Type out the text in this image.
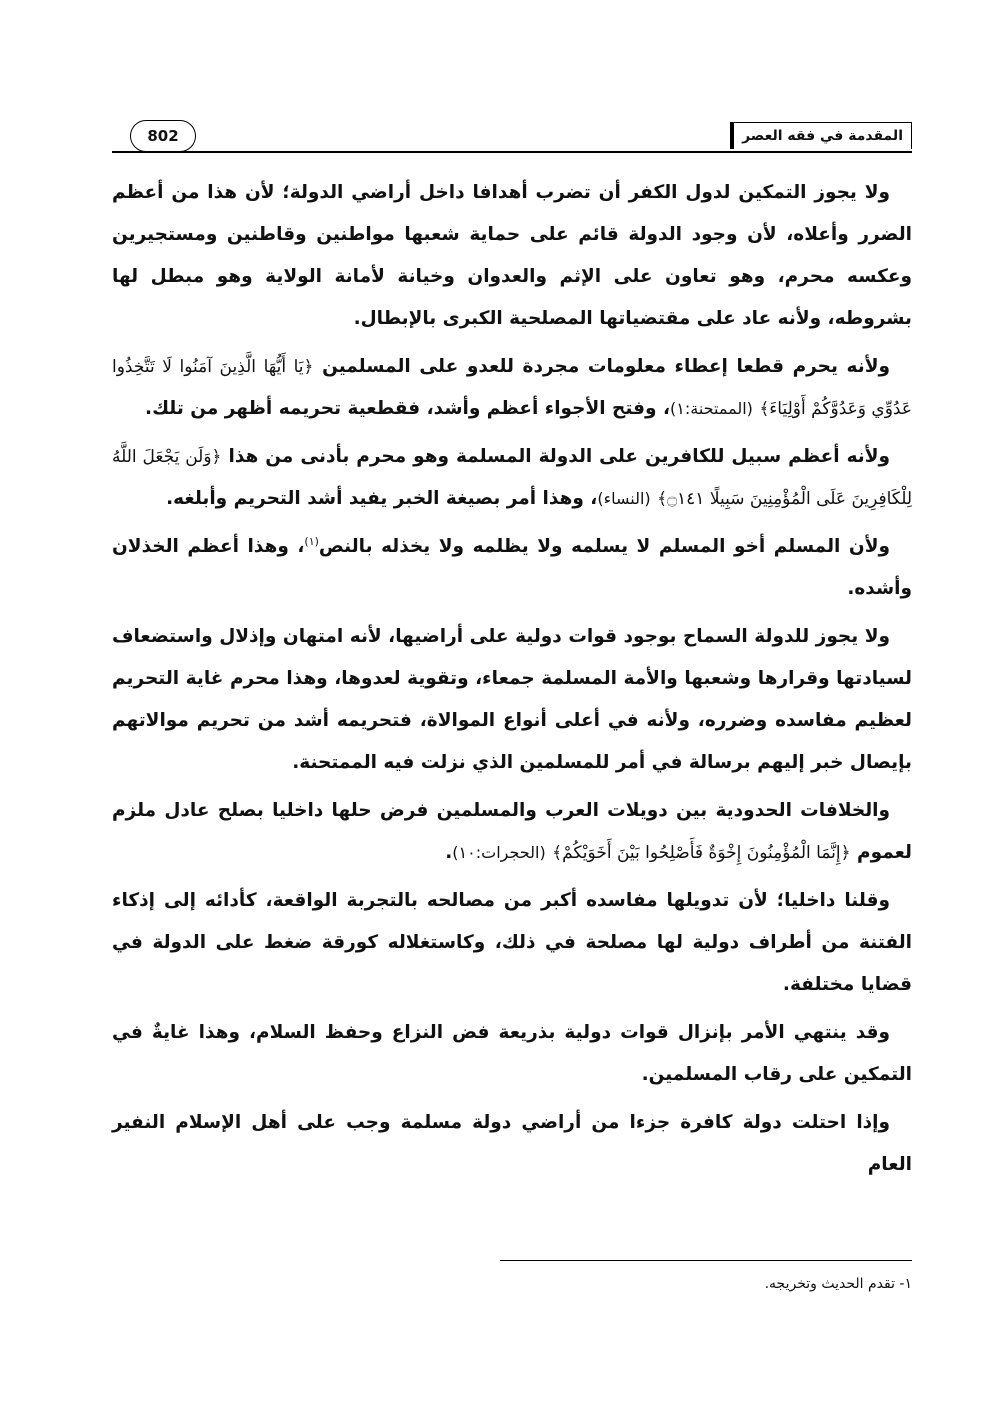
المقدمة في فقه العصر
802

ولا يجوز التمكين لدول الكفر أن تضرب أهدافا داخل أراضي الدولة؛ لأن هذا من أعظم الضرر وأعلاه، لأن وجود الدولة قائم على حماية شعبها مواطنين وقاطنين ومستجيرين وعكسه محرم، وهو تعاون على الإثم والعدوان وخيانة لأمانة الولاية وهو مبطل لها بشروطه، ولأنه عاد على مقتضياتها المصلحية الكبرى بالإبطال.

ولأنه يحرم قطعا إعطاء معلومات مجردة للعدو على المسلمين ﴿يَا أَيُّهَا الَّذِينَ آمَنُوا لَا تَتَّخِذُوا عَدُوِّي وَعَدُوَّكُمْ أَوْلِيَاءَ﴾ (الممتحنة:١)، وفتح الأجواء أعظم وأشد، فقطعية تحريمه أظهر من تلك.

ولأنه أعظم سبيل للكافرين على الدولة المسلمة وهو محرم بأدنى من هذا ﴿وَلَن يَجْعَلَ اللَّهُ لِلْكَافِرِينَ عَلَى الْمُؤْمِنِينَ سَبِيلًا ۝١٤١﴾ (النساء)، وهذا أمر بصيغة الخبر يفيد أشد التحريم وأبلغه.

ولأن المسلم أخو المسلم لا يسلمه ولا يظلمه ولا يخذله بالنص$^{(١)}$، وهذا أعظم الخذلان وأشده.

ولا يجوز للدولة السماح بوجود قوات دولية على أراضيها، لأنه امتهان وإذلال واستضعاف لسيادتها وقرارها وشعبها والأمة المسلمة جمعاء، وتقوية لعدوها، وهذا محرم غاية التحريم لعظيم مفاسده وضرره، ولأنه في أعلى أنواع الموالاة، فتحريمه أشد من تحريم موالاتهم بإيصال خبر إليهم برسالة في أمر للمسلمين الذي نزلت فيه الممتحنة.

والخلافات الحدودية بين دويلات العرب والمسلمين فرض حلها داخليا بصلح عادل ملزم لعموم ﴿إِنَّمَا الْمُؤْمِنُونَ إِخْوَةٌ فَأَصْلِحُوا بَيْنَ أَخَوَيْكُمْ﴾ (الحجرات:١٠).

وقلنا داخليا؛ لأن تدويلها مفاسده أكبر من مصالحه بالتجربة الواقعة، كأدائه إلى إذكاء الفتنة من أطراف دولية لها مصلحة في ذلك، وكاستغلاله كورقة ضغط على الدولة في قضايا مختلفة.

وقد ينتهي الأمر بإنزال قوات دولية بذريعة فض النزاع وحفظ السلام، وهذا غايةٌ في التمكين على رقاب المسلمين.

وإذا احتلت دولة كافرة جزءا من أراضي دولة مسلمة وجب على أهل الإسلام النفير العام

١- تقدم الحديث وتخريجه.
